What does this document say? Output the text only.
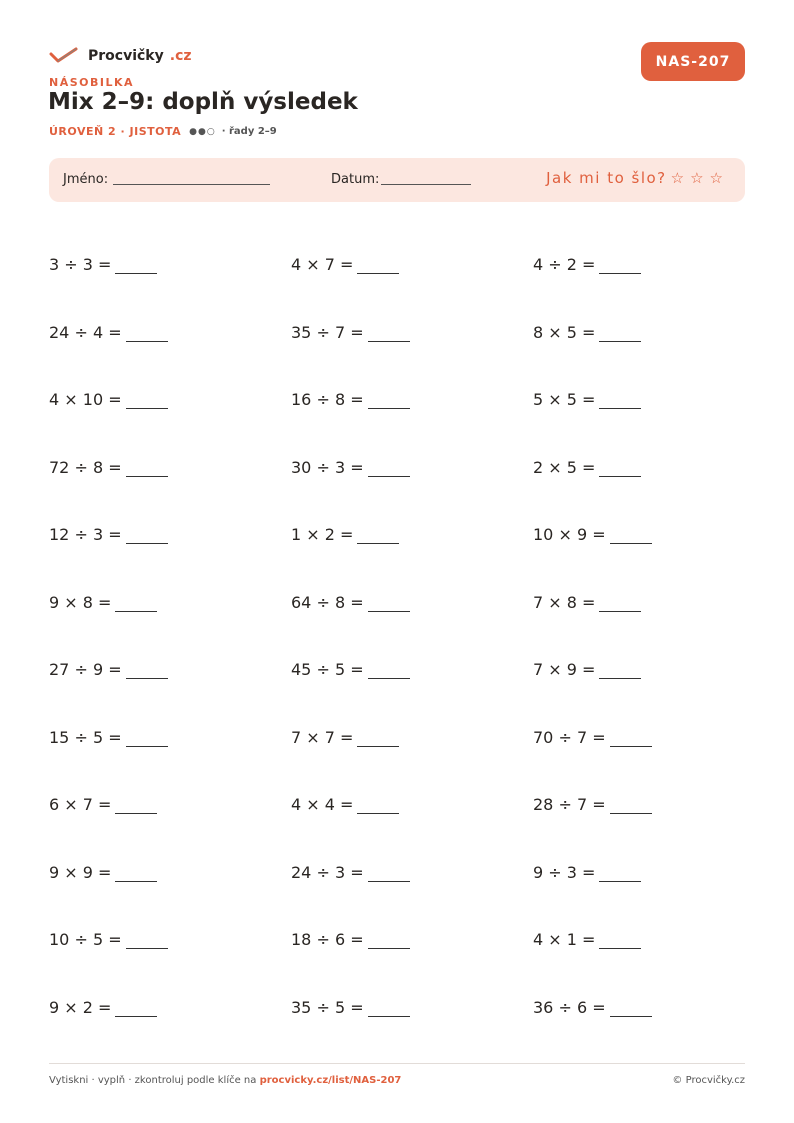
Procvičky .cz	NAS-207
NÁSOBILKA
Mix 2–9: doplň výsledek
ÚROVEŇ 2 · JISTOTA ●●○ · řady 2–9
Jméno:	Datum:	Jak mi to šlo? ☆☆☆
3 ÷ 3 =	4 × 7 =	4 ÷ 2 =
24 ÷ 4 =	35 ÷ 7 =	8 × 5 =
4 × 10 =	16 ÷ 8 =	5 × 5 =
72 ÷ 8 =	30 ÷ 3 =	2 × 5 =
12 ÷ 3 =	1 × 2 =	10 × 9 =
9 × 8 =	64 ÷ 8 =	7 × 8 =
27 ÷ 9 =	45 ÷ 5 =	7 × 9 =
15 ÷ 5 =	7 × 7 =	70 ÷ 7 =
6 × 7 =	4 × 4 =	28 ÷ 7 =
9 × 9 =	24 ÷ 3 =	9 ÷ 3 =
10 ÷ 5 =	18 ÷ 6 =	4 × 1 =
9 × 2 =	35 ÷ 5 =	36 ÷ 6 =
Vytiskni · vyplň · zkontroluj podle klíče na procvicky.cz/list/NAS-207	© Procvičky.cz
